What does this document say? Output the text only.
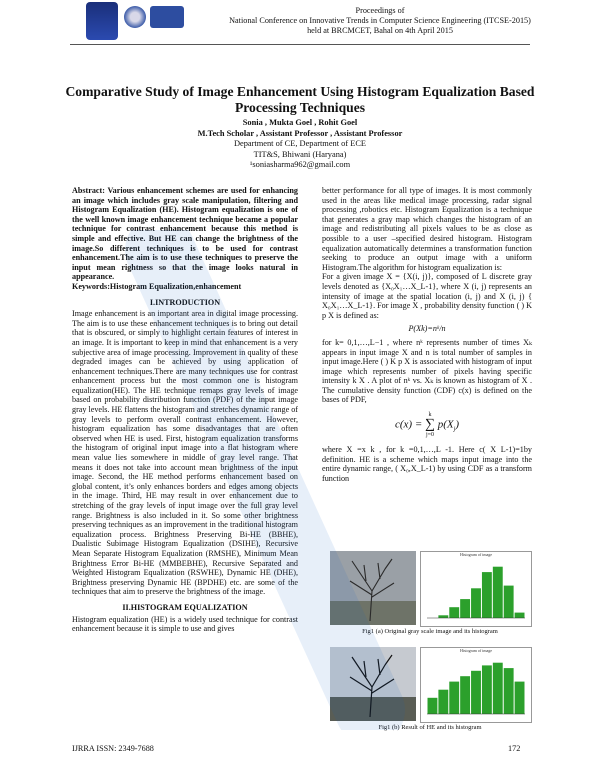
Proceedings of
National Conference on Innovative Trends in Computer Science Engineering (ITCSE-2015)
held at BRCMCET, Bahal on 4th April 2015
Comparative Study of Image Enhancement Using Histogram Equalization Based Processing Techniques
Sonia , Mukta Goel , Rohit Goel
M.Tech Scholar , Assistant Professor , Assistant Professor
Department of CE, Department of ECE
TIT&S, Bhiwani (Haryana)
¹soniasharma962@gmail.com

Abstract: Various enhancement schemes are used for enhancing an image which includes gray scale manipulation, filtering and Histogram Equalization (HE). Histogram equalization is one of the well known image enhancement technique became a popular technique for contrast enhancement because this method is simple and effective. But HE can change the brightness of the image.So different techniques is to be used for contrast enhancement.The aim is to use these techniques to preserve the input mean rightness so that the image looks natural in appearance.

Keywords:Histogram Equalization,enhancement

I.INTRODUCTION

Image enhancement is an important area in digital image processing. The aim is to use these enhancement techniques is to bring out detail that is obscured, or simply to highlight certain features of interest in an image. It is important to keep in mind that enhancement is a very subjective area of image processing. Improvement in quality of these degraded images can be achieved by using application of enhancement techniques.There are many techniques use for contrast enhancement process but the most common one is histogram equalization(HE). The HE technique remaps gray levels of image based on probability distribution function (PDF) of the input image gray levels. HE flattens the histogram and stretches dynamic range of gray levels to perform overall contrast enhancement. However, histogram equalization has some disadvantages that are often observed when HE is used. First, histogram equalization transforms the histogram of original input image into a flat histogram where mean value lies somewhere in middle of gray level range. That means it does not take into account mean brightness of the input image. Second, the HE method performs enhancement based on global content, it’s only enhances borders and edges among objects in the image. Third, HE may result in over enhancement due to stretching of the gray levels of input image over the full gray level range. Brightness is also included in it. So some other brightness preserving techniques as an improvement in the traditional histogram equalization process. Brightness Preserving Bi-HE (BBHE), Dualistic Subimage Histogram Equalization (DSIHE), Recursive Mean Separate Histogram Equalization (RMSHE), Minimum Mean Brightness Error Bi-HE (MMBEBHE), Recursive Separated and Weighted Histogram Equalization (RSWHE), Dynamic HE (DHE), Brightness preserving Dynamic HE (BPDHE) etc. are some of the techniques that aim to preserve the brightness of the image.

II.HISTOGRAM EQUALIZATION

Histogram equalization (HE) is a widely used technique for contrast enhancement because it is simple to use and gives

better performance for all type of images. It is most commonly used in the areas like medical image processing, radar signal processing ,robotics etc. Histogram Equalization is a technique that generates a gray map which changes the histogram of an image and redistributing all pixels values to be as close as possible to a user –specified desired histogram. Histogram equalization automatically determines a transformation function seeking to produce an output image with a uniform Histogram.The algorithm for histogram equalization is:

For a given image X = {X(i, j)}, composed of L discrete gray levels denoted as {X₀X₁…X_L-1}, where X (i, j) represents an intensity of image at the spatial location (i, j) and X (i, j) { X₀X₁…X_L-1}. For image X , probability density function ( ) K p X is defined as:

P(Xk)=nᵏ/n

for k= 0,1,…,L−1 , where nᵏ represents number of times Xₖ appears in input image X and n is total number of samples in input image.Here ( ) K p X is associated with histogram of input image which represents number of pixels having specific intensity k X . A plot of nᵏ vs. Xₖ is known as histogram of X . The cumulative density function (CDF) c(x) is defined on the bases of PDF,

c(x) =
k
∑
j=0
$p(X_j)$

where X =x k , for k =0,1,…,L -1. Here c( X L-1)=1by definition. HE is a scheme which maps input image into the entire dynamic range, ( X₀,X_L-1) by using CDF as a transform function

Histogram of image
Fig1 (a) Original gray scale image and its histogram
Histogram of image
Fig1 (b) Result of HE and its histogram
IJRRA ISSN: 2349-7688	172
